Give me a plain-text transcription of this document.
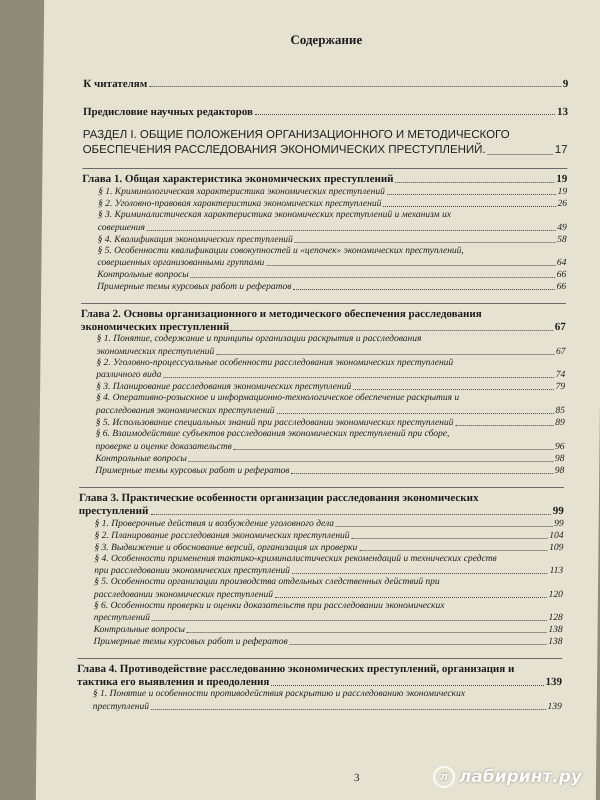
Содержание
К читателям	9
Предисловие научных редакторов	13
РАЗДЕЛ I. ОБЩИЕ ПОЛОЖЕНИЯ ОРГАНИЗАЦИОННОГО И МЕТОДИЧЕСКОГО
ОБЕСПЕЧЕНИЯ РАССЛЕДОВАНИЯ ЭКОНОМИЧЕСКИХ ПРЕСТУПЛЕНИЙ.	17
Глава 1. Общая характеристика экономических преступлений	19
§ 1. Криминологическая характеристика экономических преступлений	19
§ 2. Уголовно-правовая характеристика экономических преступлений	26
§ 3. Криминалистическая характеристика экономических преступлений и механизм их
совершения	49
§ 4. Квалификация экономических преступлений	58
§ 5. Особенности квалификации совокупностей и «цепочек» экономических преступлений,
совершенных организованными группами	64
Контрольные вопросы	66
Примерные темы курсовых работ и рефератов	66
Глава 2. Основы организационного и методического обеспечения расследования
экономических преступлений	67
§ 1. Понятие, содержание и принципы организации раскрытия и расследования
экономических преступлений	67
§ 2. Уголовно-процессуальные особенности расследования экономических преступлений
различного вида	74
§ 3. Планирование расследования экономических преступлений	79
§ 4. Оперативно-розыскное и информационно-технологическое обеспечение раскрытия и
расследования экономических преступлений	85
§ 5. Использование специальных знаний при расследовании экономических преступлений	89
§ 6. Взаимодействие субъектов расследования экономических преступлений при сборе,
проверке и оценке доказательств	96
Контрольные вопросы	98
Примерные темы курсовых работ и рефератов	98
Глава 3. Практические особенности организации расследования экономических
преступлений	99
§ 1. Проверочные действия и возбуждение уголовного дела	99
§ 2. Планирование расследования экономических преступлений	104
§ 3. Выдвижение и обоснование версий, организация их проверки	109
§ 4. Особенности применения тактико-криминалистических рекомендаций и технических средств
при расследовании экономических преступлений	113
§ 5. Особенности организации производства отдельных следственных действий при
расследовании экономических преступлений	120
§ 6. Особенности проверки и оценки доказательств при расследовании экономических
преступлений	128
Контрольные вопросы	138
Примерные темы курсовых работ и рефератов	138
Глава 4. Противодействие расследованию экономических преступлений, организация и
тактика его выявления и преодоления	139
§ 1. Понятие и особенности противодействия раскрытию и расследованию экономических
преступлений	139
3	л лабиринт.ру
